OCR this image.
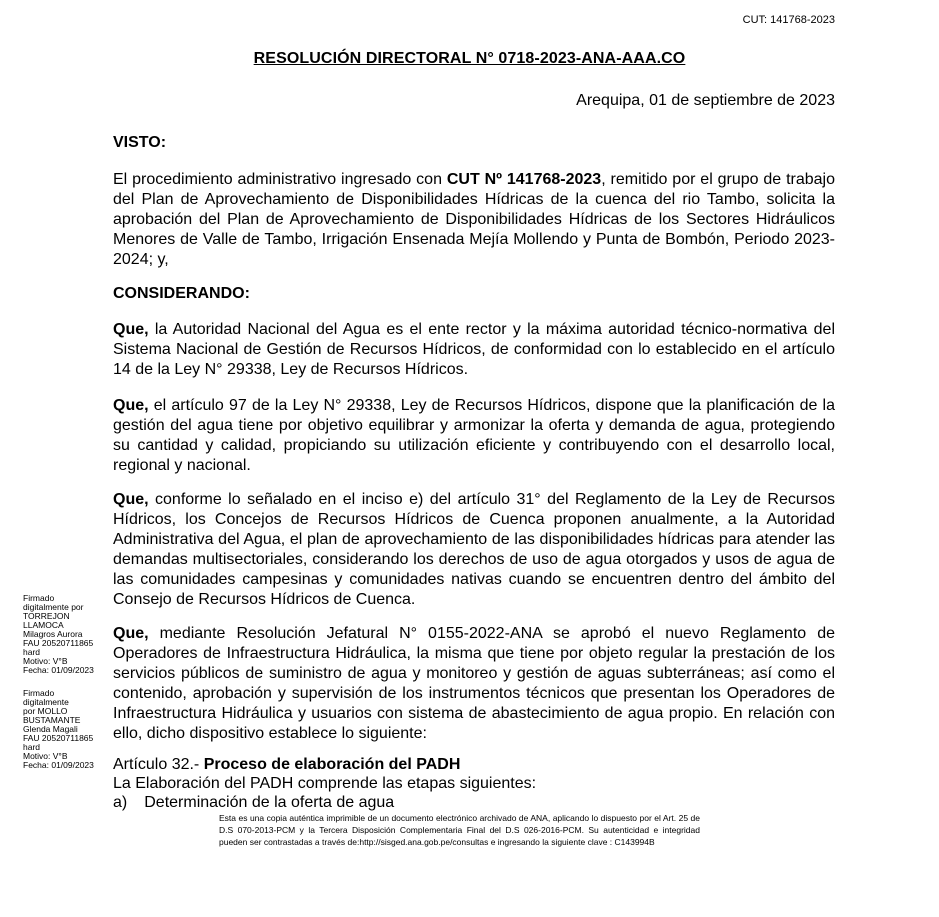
CUT: 141768-2023
RESOLUCIÓN DIRECTORAL N° 0718-2023-ANA-AAA.CO
Arequipa, 01 de septiembre de 2023
VISTO:
El procedimiento administrativo ingresado con CUT Nº 141768-2023, remitido por el grupo de trabajo del Plan de Aprovechamiento de Disponibilidades Hídricas de la cuenca del rio Tambo, solicita la aprobación del Plan de Aprovechamiento de Disponibilidades Hídricas de los Sectores Hidráulicos Menores de Valle de Tambo, Irrigación Ensenada Mejía Mollendo y Punta de Bombón, Periodo 2023-2024; y,
CONSIDERANDO:
Que, la Autoridad Nacional del Agua es el ente rector y la máxima autoridad técnico-normativa del Sistema Nacional de Gestión de Recursos Hídricos, de conformidad con lo establecido en el artículo 14 de la Ley N° 29338, Ley de Recursos Hídricos.
Que, el artículo 97 de la Ley N° 29338, Ley de Recursos Hídricos, dispone que la planificación de la gestión del agua tiene por objetivo equilibrar y armonizar la oferta y demanda de agua, protegiendo su cantidad y calidad, propiciando su utilización eficiente y contribuyendo con el desarrollo local, regional y nacional.
Que, conforme lo señalado en el inciso e) del artículo 31° del Reglamento de la Ley de Recursos Hídricos, los Concejos de Recursos Hídricos de Cuenca proponen anualmente, a la Autoridad Administrativa del Agua, el plan de aprovechamiento de las disponibilidades hídricas para atender las demandas multisectoriales, considerando los derechos de uso de agua otorgados y usos de agua de las comunidades campesinas y comunidades nativas cuando se encuentren dentro del ámbito del Consejo de Recursos Hídricos de Cuenca.
Que, mediante Resolución Jefatural N° 0155-2022-ANA se aprobó el nuevo Reglamento de Operadores de Infraestructura Hidráulica, la misma que tiene por objeto regular la prestación de los servicios públicos de suministro de agua y monitoreo y gestión de aguas subterráneas; así como el contenido, aprobación y supervisión de los instrumentos técnicos que presentan los Operadores de Infraestructura Hidráulica y usuarios con sistema de abastecimiento de agua propio. En relación con ello, dicho dispositivo establece lo siguiente:
Firmado
digitalmente por
TORREJON
LLAMOCA
Milagros Aurora
FAU 20520711865
hard
Motivo: V°B
Fecha: 01/09/2023
Firmado
digitalmente
por MOLLO
BUSTAMANTE
Glenda Magali
FAU 20520711865
hard
Motivo: V°B
Fecha: 01/09/2023	Artículo 32.- Proceso de elaboración del PADH
La Elaboración del PADH comprende las etapas siguientes:
a) Determinación de la oferta de agua
Esta es una copia auténtica imprimible de un documento electrónico archivado de ANA, aplicando lo dispuesto por el Art. 25 de D.S 070-2013-PCM y la Tercera Disposición Complementaria Final del D.S 026-2016-PCM. Su autenticidad e integridad pueden ser contrastadas a través de:http://sisged.ana.gob.pe/consultas e ingresando la siguiente clave : C143994B
